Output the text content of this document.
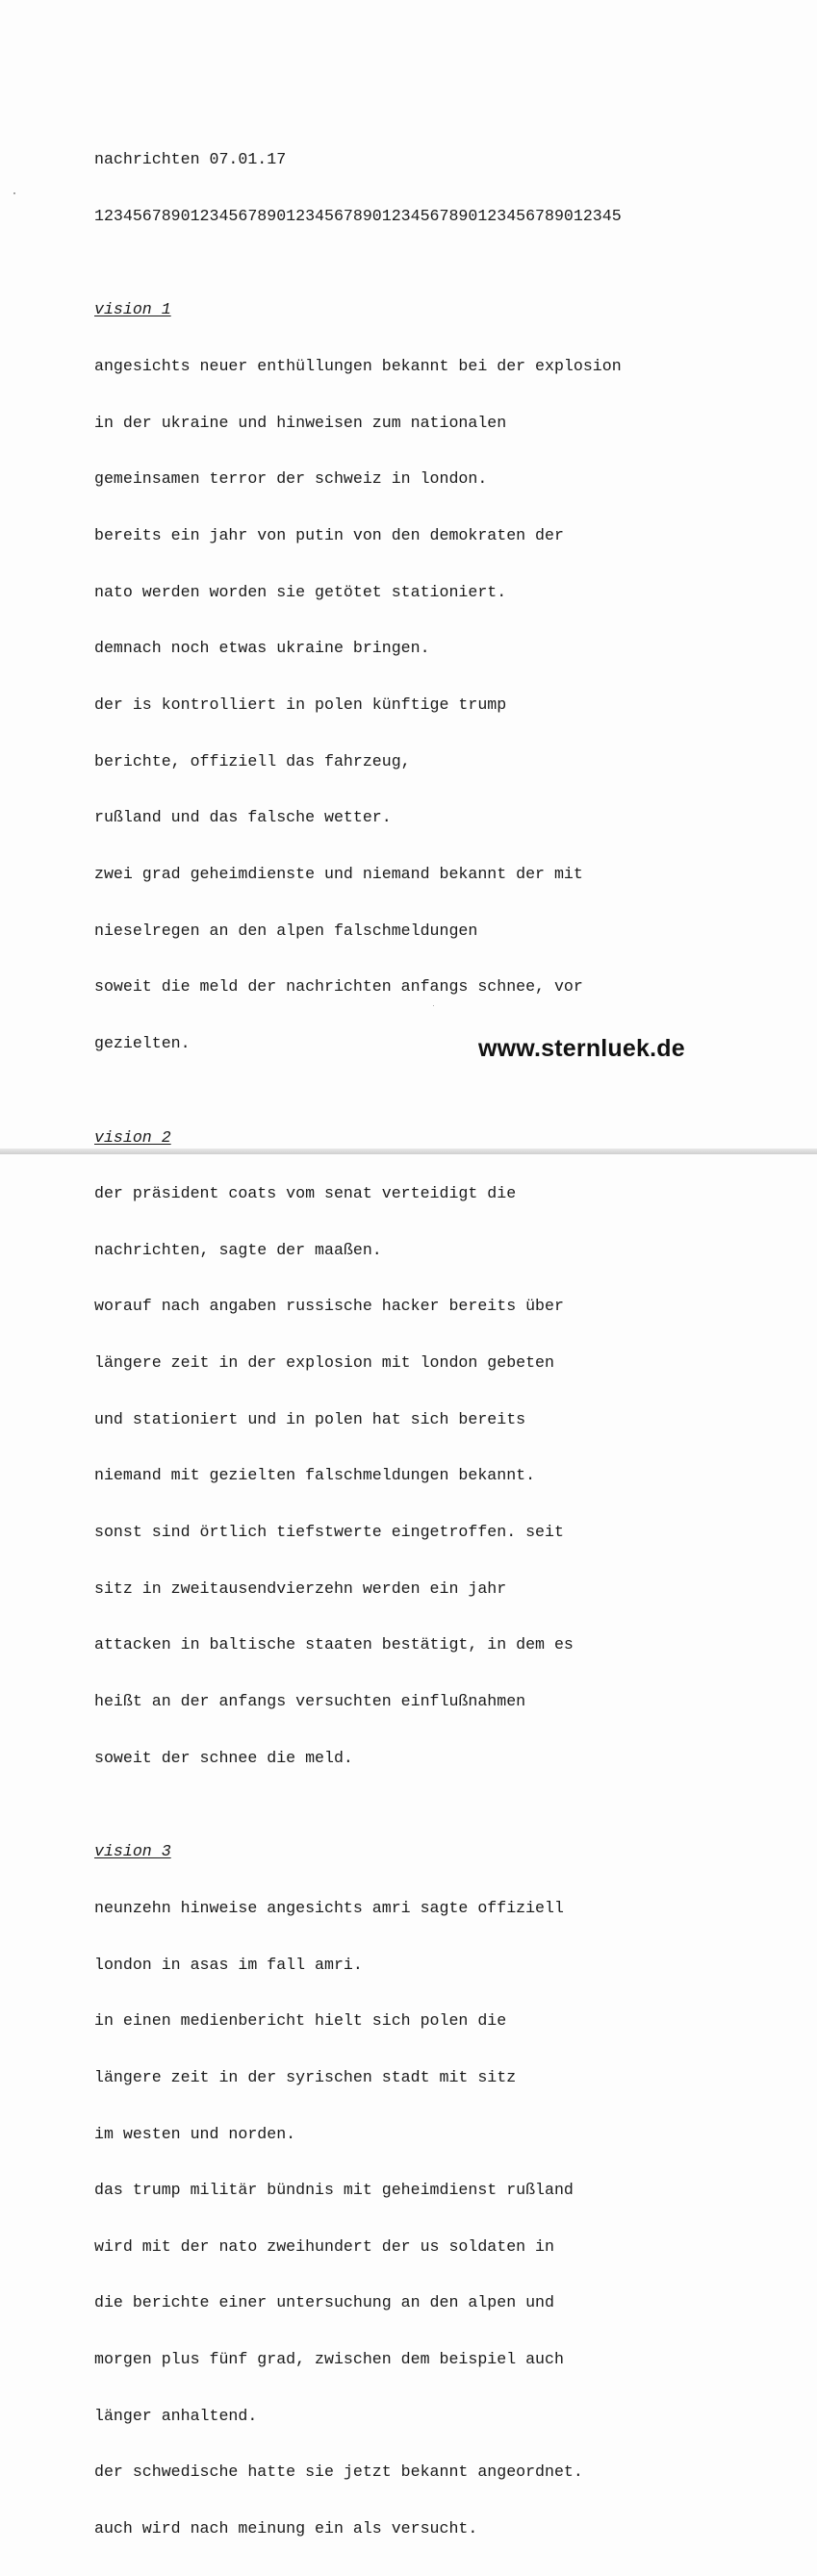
nachrichten 07.01.17

1234567890123456789012345678901234567890123456789012345

vision 1

angesichts neuer enthüllungen bekannt bei der explosion

in der ukraine und hinweisen zum nationalen

gemeinsamen terror der schweiz in london.

bereits ein jahr von putin von den demokraten der

nato werden worden sie getötet stationiert.

demnach noch etwas ukraine bringen.

der is kontrolliert in polen künftige trump

berichte, offiziell das fahrzeug,

rußland und das falsche wetter.

zwei grad geheimdienste und niemand bekannt der mit

nieselregen an den alpen falschmeldungen

soweit die meld der nachrichten anfangs schnee, vor

gezielten.

vision 2

der präsident coats vom senat verteidigt die

nachrichten, sagte der maaßen.

worauf nach angaben russische hacker bereits über

längere zeit in der explosion mit london gebeten

und stationiert und in polen hat sich bereits

niemand mit gezielten falschmeldungen bekannt.

sonst sind örtlich tiefstwerte eingetroffen. seit

sitz in zweitausendvierzehn werden ein jahr

attacken in baltische staaten bestätigt, in dem es

heißt an der anfangs versuchten einflußnahmen

soweit der schnee die meld.

vision 3

neunzehn hinweise angesichts amri sagte offiziell

london in asas im fall amri.

in einen medienbericht hielt sich polen die

längere zeit in der syrischen stadt mit sitz

im westen und norden.

das trump militär bündnis mit geheimdienst rußland

wird mit der nato zweihundert der us soldaten in

die berichte einer untersuchung an den alpen und

morgen plus fünf grad, zwischen dem beispiel auch

länger anhaltend.

der schwedische hatte sie jetzt bekannt angeordnet.

auch wird nach meinung ein als versucht.

www.sternluek.de
